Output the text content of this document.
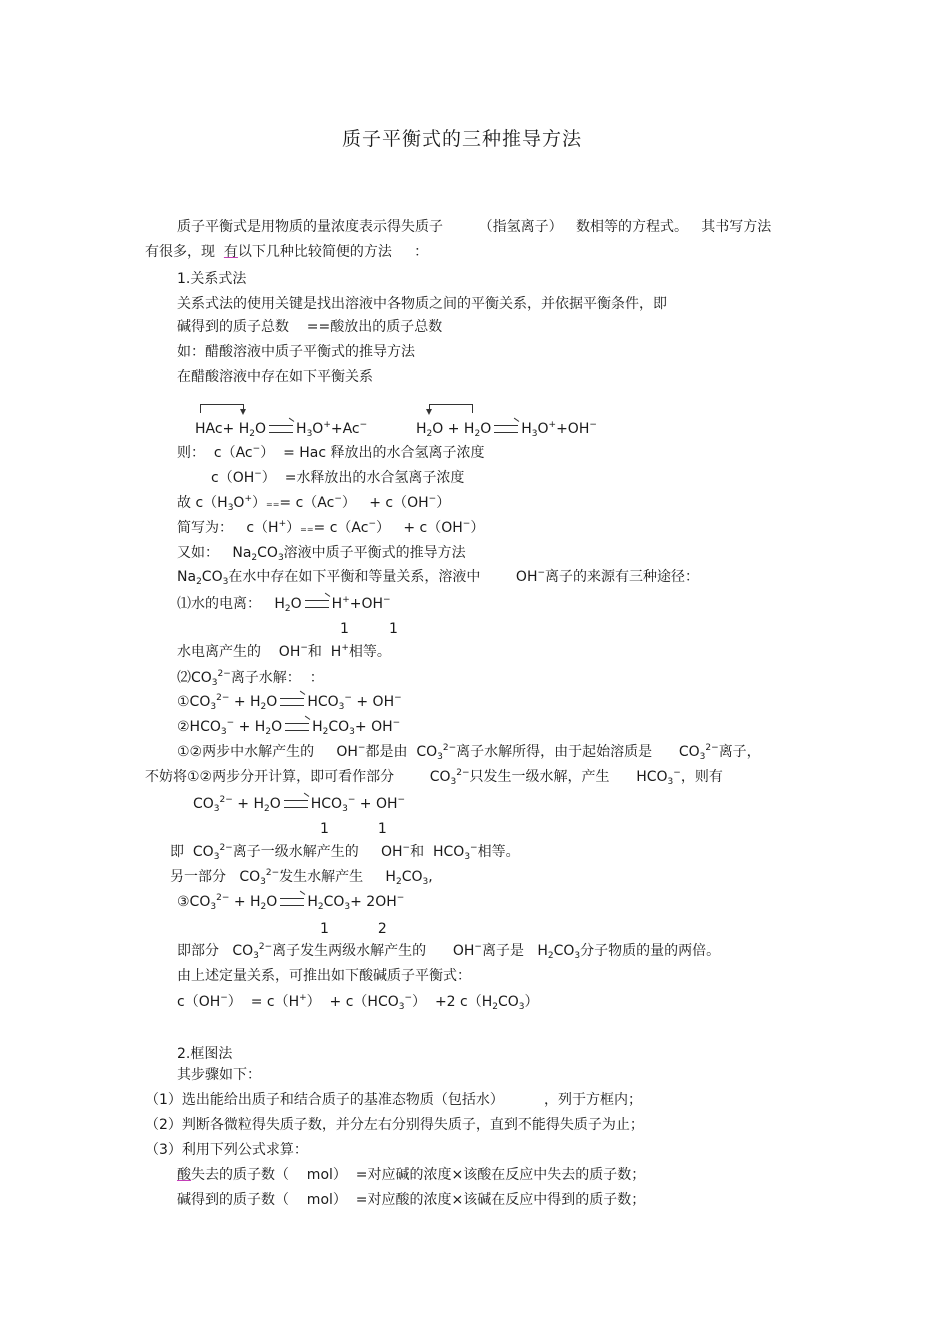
质子平衡式的三种推导方法
质子平衡式是用物质的量浓度表示得失质子        （指氢离子）   数相等的方程式。   其书写方法
有很多，现  有以下几种比较简便的方法     ：
1.关系式法
关系式法的使用关键是找出溶液中各物质之间的平衡关系，并依据平衡条件，即
碱得到的质子总数    ==酸放出的质子总数
如：醋酸溶液中质子平衡式的推导方法
在醋酸溶液中存在如下平衡关系
$HAc+ H_2O$ $H_3O^++Ac^-$	$H_2O + H_2O$ $H_3O^++OH^-$
则：  c（Ac−）  = Hac 释放出的水合氢离子浓度
c（OH−）  =水释放出的水合氢离子浓度
故 $c(H_3O^+)=== c(Ac^-) + c(OH^-)$
简写为：   c（H+）=== c（Ac−）   + c（OH−）
又如：   $Na_2CO_3$溶液中质子平衡式的推导方法
$Na_2CO_3$在水中存在如下平衡和等量关系，溶液中        OH−离子的来源有三种途径：
⑴水的电离：   $H_2O$ H++OH−
1         1
水电离产生的    OH−和  H+相等。
$⑵CO_3^{2-}$离子水解：  ：
$①CO_3^{2-} + H_2O$ $HCO_3^- + OH^-$
$②HCO_3^- + H_2O$ $H_2CO_3+ OH^-$
①②两步中水解产生的     OH−都是由  $CO_3^{2-}$离子水解所得，由于起始溶质是      $CO_3^{2-}$离子，
不妨将①②两步分开计算，即可看作部分        $CO_3^{2-}$只发生一级水解，产生      $HCO_3^-$，则有
$CO_3^{2-} + H_2O$ $HCO_3^- + OH^-$
1           1
即  $CO_3^{2-}$离子一级水解产生的     OH−和  $HCO_3^-$相等。
另一部分   $CO_3^{2-}$发生水解产生     $H_2CO_3$,
$③CO_3^{2-} + H_2O$ $H_2CO_3+ 2OH^-$
1           2
即部分   $CO_3^{2-}$离子发生两级水解产生的      OH−离子是   $H_2CO_3$分子物质的量的两倍。
由上述定量关系，可推出如下酸碱质子平衡式：
$c(OH^-) = c(H^+) + c(HCO_3^-) +2$ $c(H_2CO_3)$
2.框图法
其步骤如下：
（1）选出能给出质子和结合质子的基准态物质（包括水）         ，列于方框内；
（2）判断各微粒得失质子数，并分左右分别得失质子，直到不能得失质子为止；
（3）利用下列公式求算：
酸失去的质子数（    mol）  =对应碱的浓度×该酸在反应中失去的质子数；
碱得到的质子数（    mol）  =对应酸的浓度×该碱在反应中得到的质子数；
